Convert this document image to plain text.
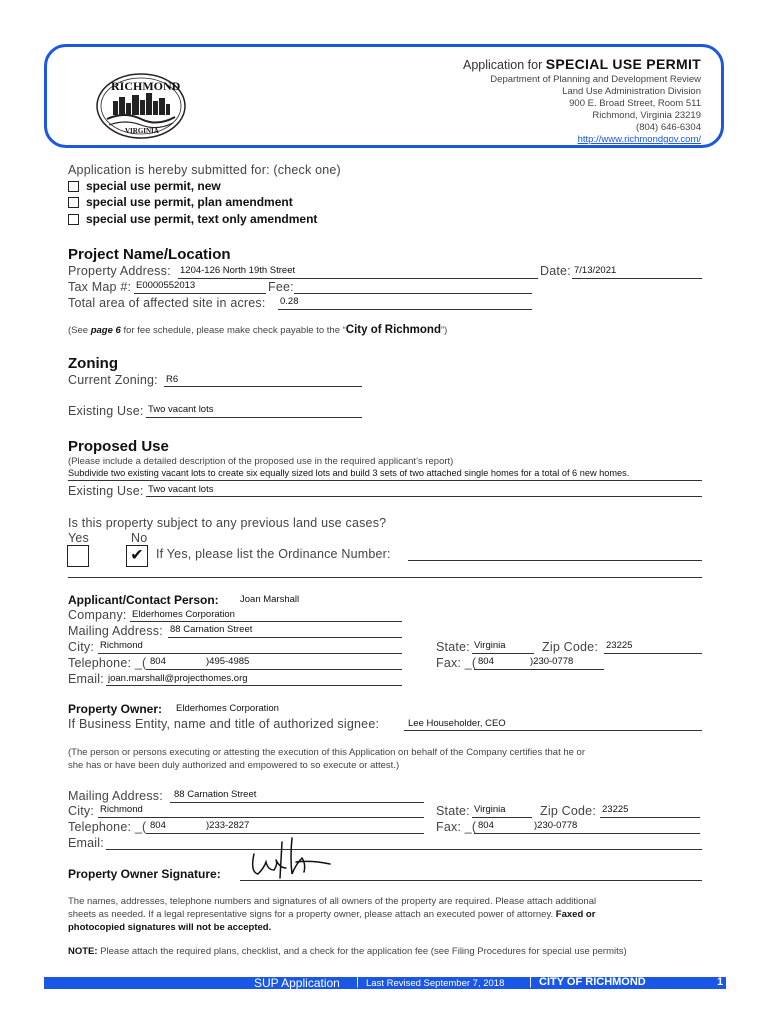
RICHMOND
VIRGINIA
Application for SPECIAL USE PERMIT
Department of Planning and Development Review
Land Use Administration Division
900 E. Broad Street, Room 511
Richmond, Virginia 23219
(804) 646-6304
http://www.richmondgov.com/
Application is hereby submitted for: (check one)
special use permit, new
special use permit, plan amendment
special use permit, text only amendment
Project Name/Location
Property Address: 1204-126 North 19th Street	Date: 7/13/2021
Tax Map #: E0000552013	Fee:
Total area of affected site in acres: 0.28
(See page 6 for fee schedule, please make check payable to the “City of Richmond”)
Zoning
Current Zoning: R6
Existing Use: Two vacant lots
Proposed Use
(Please include a detailed description of the proposed use in the required applicant’s report)
Subdivide two existing vacant lots to create six equally sized lots and build 3 sets of two attached single homes for a total of 6 new homes.
Existing Use: Two vacant lots
Is this property subject to any previous land use cases?
Yes	No
✔ If Yes, please list the Ordinance Number:
Applicant/Contact Person: Joan Marshall
Company: Elderhomes Corporation
Mailing Address: 88 Carnation Street
City: Richmond	State: Virginia	Zip Code: 23225
Telephone: _( 804	)495-4985	Fax: _( 804	)230-0778
Email: joan.marshall@projecthomes.org
Property Owner: Elderhomes Corporation
If Business Entity, name and title of authorized signee:	Lee Householder, CEO
(The person or persons executing or attesting the execution of this Application on behalf of the Company certifies that he or
she has or have been duly authorized and empowered to so execute or attest.)
Mailing Address: 88 Carnation Street
City: Richmond	State: Virginia	Zip Code: 23225
Telephone: _( 804	)233-2827	Fax: _( 804	)230-0778
Email:
Property Owner Signature:
The names, addresses, telephone numbers and signatures of all owners of the property are required. Please attach additional
sheets as needed. If a legal representative signs for a property owner, please attach an executed power of attorney. Faxed or
photocopied signatures will not be accepted.
NOTE: Please attach the required plans, checklist, and a check for the application fee (see Filing Procedures for special use permits)
SUP Application | Last Revised September 7, 2018 | CITY OF RICHMOND	1
